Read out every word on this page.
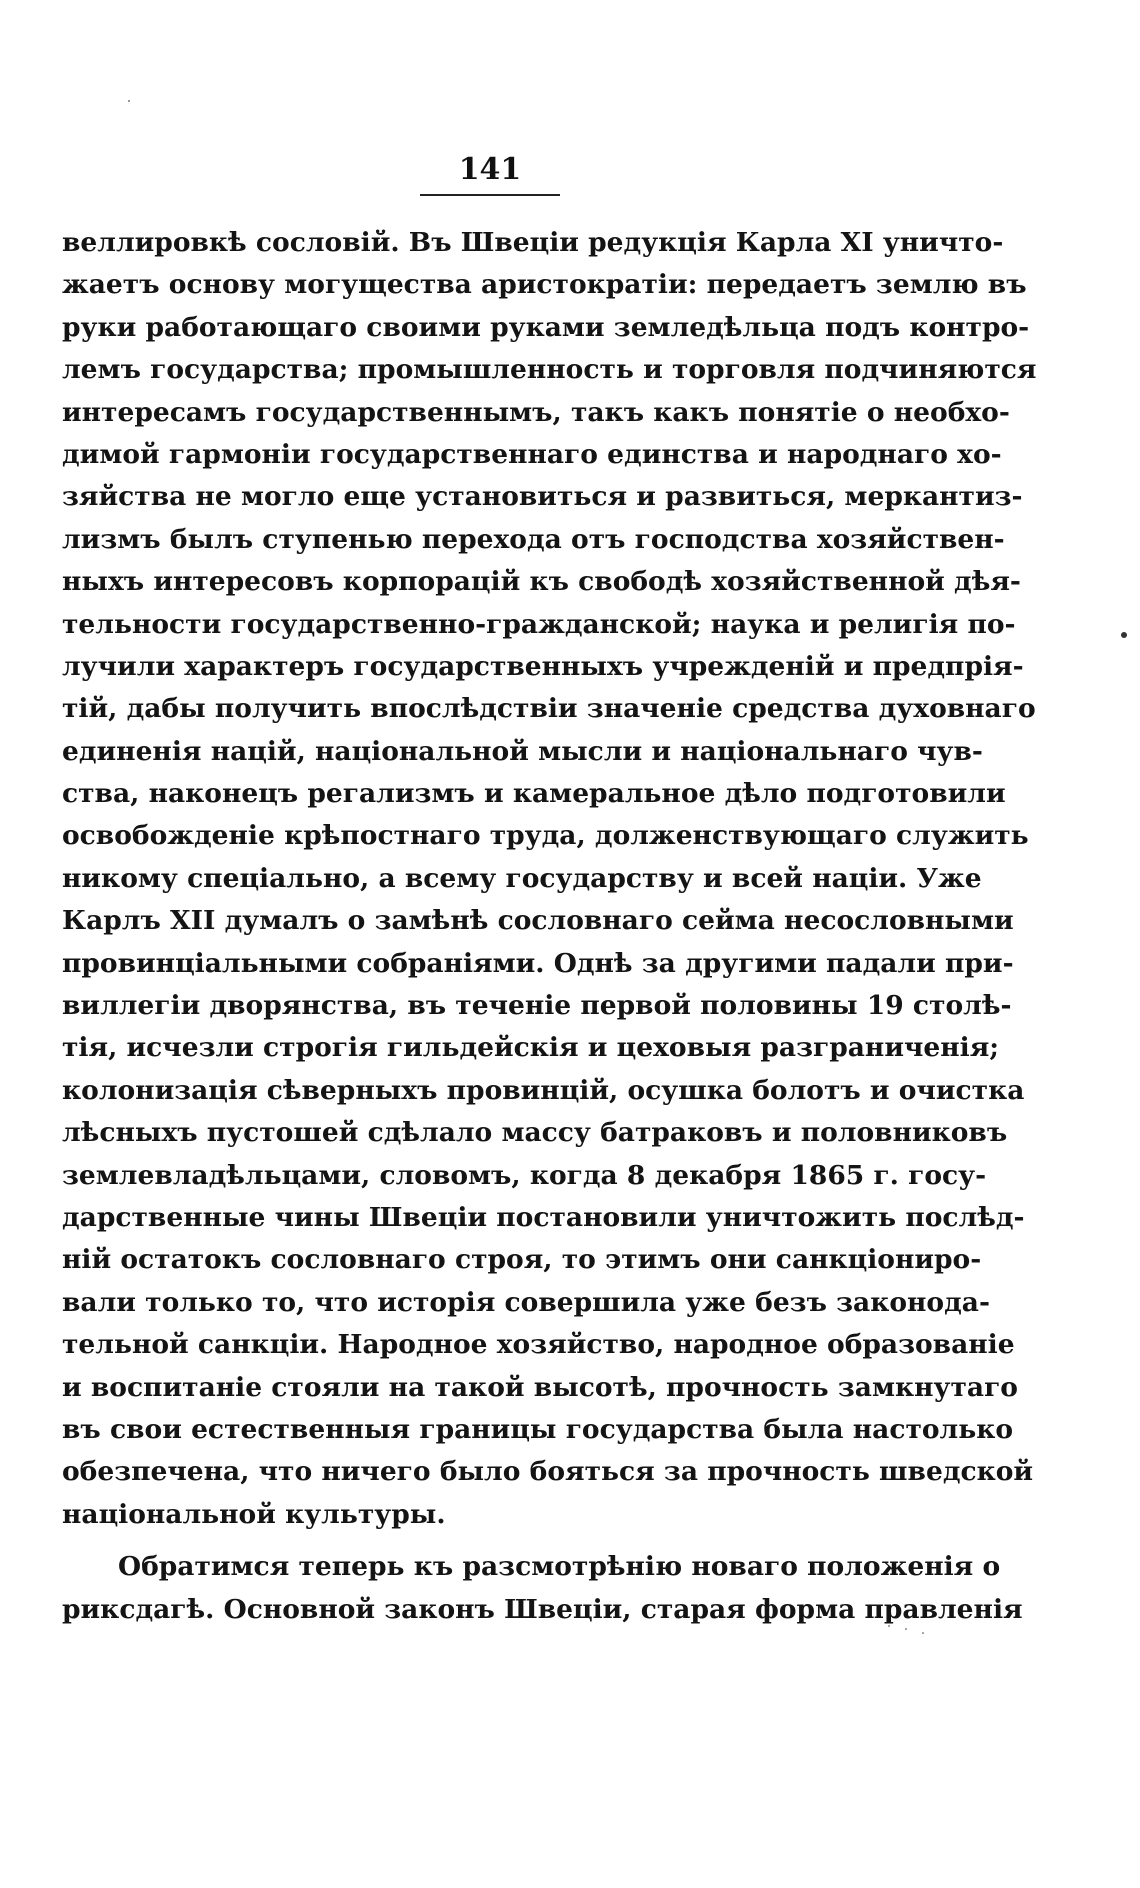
141
веллировкѣ сословій. Въ Швеціи редукція Карла XI уничто-
жаетъ основу могущества аристократіи: передаетъ землю въ
руки работающаго своими руками земледѣльца подъ контро-
лемъ государства; промышленность и торговля подчиняются
интересамъ государственнымъ, такъ какъ понятіе о необхо-
димой гармоніи государственнаго единства и народнаго хо-
зяйства не могло еще установиться и развиться, меркантиз-
лизмъ былъ ступенью перехода отъ господства хозяйствен-
ныхъ интересовъ корпорацій къ свободѣ хозяйственной дѣя-
тельности государственно-гражданской; наука и религія по-
лучили характеръ государственныхъ учрежденій и предпрія-
тій, дабы получить впослѣдствіи значеніе средства духовнаго
единенія націй, національной мысли и національнаго чув-
ства, наконецъ регализмъ и камеральное дѣло подготовили
освобожденіе крѣпостнаго труда, долженствующаго служить
никому спеціально, а всему государству и всей націи. Уже
Карлъ XII думалъ о замѣнѣ сословнаго сейма несословными
провинціальными собраніями. Однѣ за другими падали при-
виллегіи дворянства, въ теченіе первой половины 19 столѣ-
тія, исчезли строгія гильдейскія и цеховыя разграниченія;
колонизація сѣверныхъ провинцій, осушка болотъ и очистка
лѣсныхъ пустошей сдѣлало массу батраковъ и половниковъ
землевладѣльцами, словомъ, когда 8 декабря 1865 г. госу-
дарственные чины Швеціи постановили уничтожить послѣд-
ній остатокъ сословнаго строя, то этимъ они санкціониро-
вали только то, что исторія совершила уже безъ законода-
тельной санкціи. Народное хозяйство, народное образованіе
и воспитаніе стояли на такой высотѣ, прочность замкнутаго
въ свои естественныя границы государства была настолько
обезпечена, что ничего было бояться за прочность шведской
національной культуры.
Обратимся теперь къ разсмотрѣнію новаго положенія о
риксдагѣ. Основной законъ Швеціи, старая форма правленія
